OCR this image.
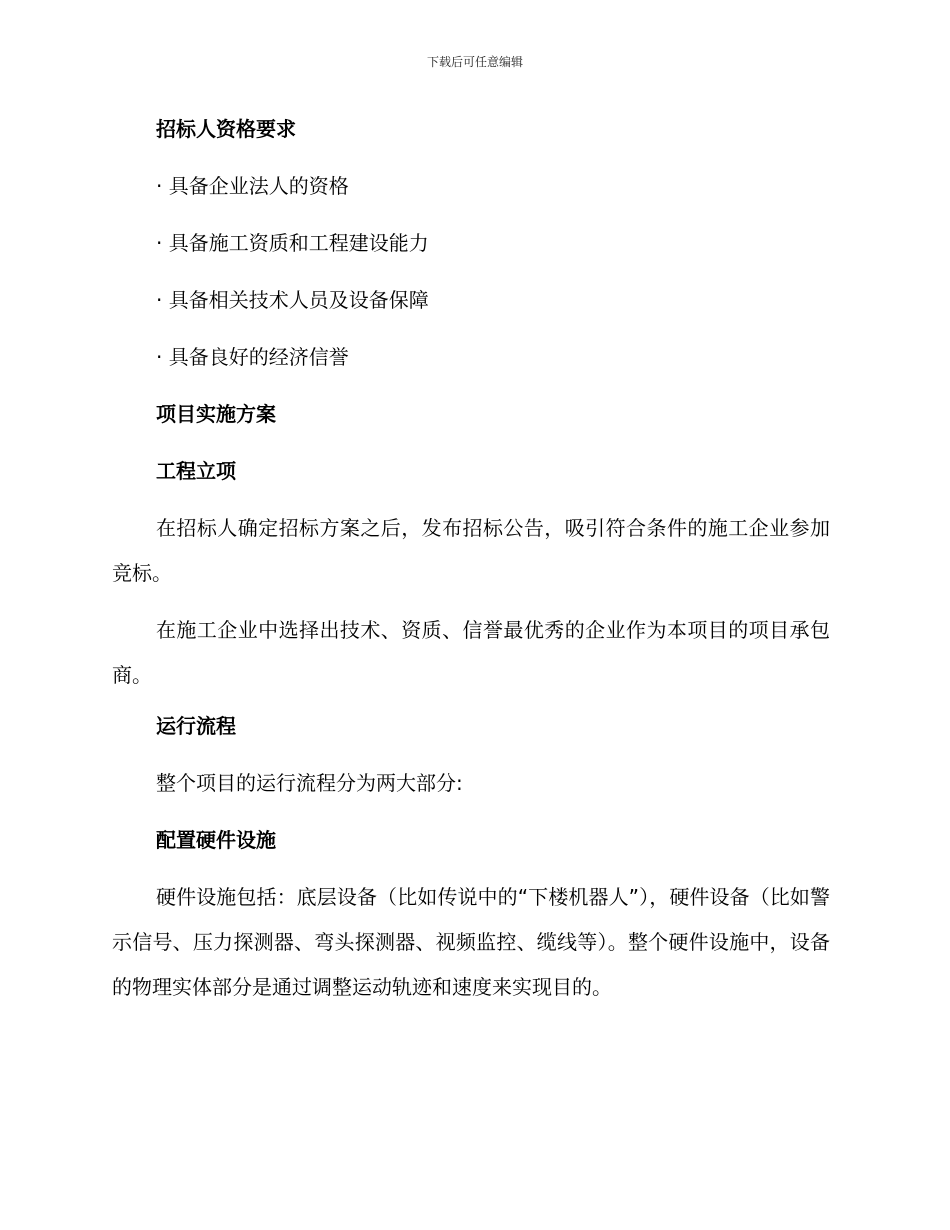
下载后可任意编辑
招标人资格要求
· 具备企业法人的资格
· 具备施工资质和工程建设能力
· 具备相关技术人员及设备保障
· 具备良好的经济信誉
项目实施方案
工程立项

在招标人确定招标方案之后，发布招标公告，吸引符合条件的施工企业参加竞标。

在施工企业中选择出技术、资质、信誉最优秀的企业作为本项目的项目承包商。

运行流程

整个项目的运行流程分为两大部分:

配置硬件设施

硬件设施包括：底层设备（比如传说中的“下楼机器人”），硬件设备（比如警示信号、压力探测器、弯头探测器、视频监控、缆线等）。整个硬件设施中，设备的物理实体部分是通过调整运动轨迹和速度来实现目的。
